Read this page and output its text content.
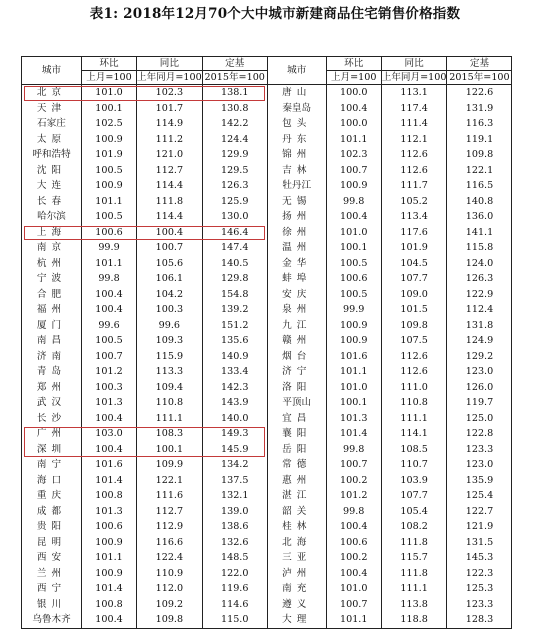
表1: 2018年12月70个大中城市新建商品住宅销售价格指数
城市	环比	同比	定基	城市	环比	同比	定基
	上月=100	上年同月=100	2015年=100		上月=100	上年同月=100	2015年=100
北京	101.0	102.3	138.1	唐山	100.0	113.1	122.6
天津	100.1	101.7	130.8	秦皇岛	100.4	117.4	131.9
石家庄	102.5	114.9	142.2	包头	100.0	111.4	116.3
太原	100.9	111.2	124.4	丹东	101.1	112.1	119.1
呼和浩特	101.9	121.0	129.9	锦州	102.3	112.6	109.8
沈阳	100.5	112.7	129.5	吉林	100.7	112.6	122.1
大连	100.9	114.4	126.3	牡丹江	100.9	111.7	116.5
长春	101.1	111.8	125.9	无锡	99.8	105.2	140.8
哈尔滨	100.5	114.4	130.0	扬州	100.4	113.4	136.0
上海	100.6	100.4	146.4	徐州	101.0	117.6	141.1
南京	99.9	100.7	147.4	温州	100.1	101.9	115.8
杭州	101.1	105.6	140.5	金华	100.5	104.5	124.0
宁波	99.8	106.1	129.8	蚌埠	100.6	107.7	126.3
合肥	100.4	104.2	154.8	安庆	100.5	109.0	122.9
福州	100.4	100.3	139.2	泉州	99.9	101.5	112.4
厦门	99.6	99.6	151.2	九江	100.9	109.8	131.8
南昌	100.5	109.3	135.6	赣州	100.9	107.5	124.9
济南	100.7	115.9	140.9	烟台	101.6	112.6	129.2
青岛	101.2	113.3	133.4	济宁	101.1	112.6	123.0
郑州	100.3	109.4	142.3	洛阳	101.0	111.0	126.0
武汉	101.3	110.8	143.9	平顶山	100.1	110.8	119.7
长沙	100.4	111.1	140.0	宜昌	101.3	111.1	125.0
广州	103.0	108.3	149.3	襄阳	101.4	114.1	122.8
深圳	100.4	100.1	145.9	岳阳	99.8	108.5	123.3
南宁	101.6	109.9	134.2	常德	100.7	110.7	123.0
海口	101.4	122.1	137.5	惠州	100.2	103.9	135.9
重庆	100.8	111.6	132.1	湛江	101.2	107.7	125.4
成都	101.3	112.7	139.0	韶关	99.8	105.4	122.7
贵阳	100.6	112.9	138.6	桂林	100.4	108.2	121.9
昆明	100.9	116.6	132.6	北海	100.6	111.8	131.5
西安	101.1	122.4	148.5	三亚	100.2	115.7	145.3
兰州	100.9	110.9	122.0	泸州	100.4	111.8	122.3
西宁	101.4	112.0	119.6	南充	101.0	111.1	125.3
银川	100.8	109.2	114.6	遵义	100.7	113.8	123.3
乌鲁木齐	100.4	109.8	115.0	大理	101.1	118.8	128.3
